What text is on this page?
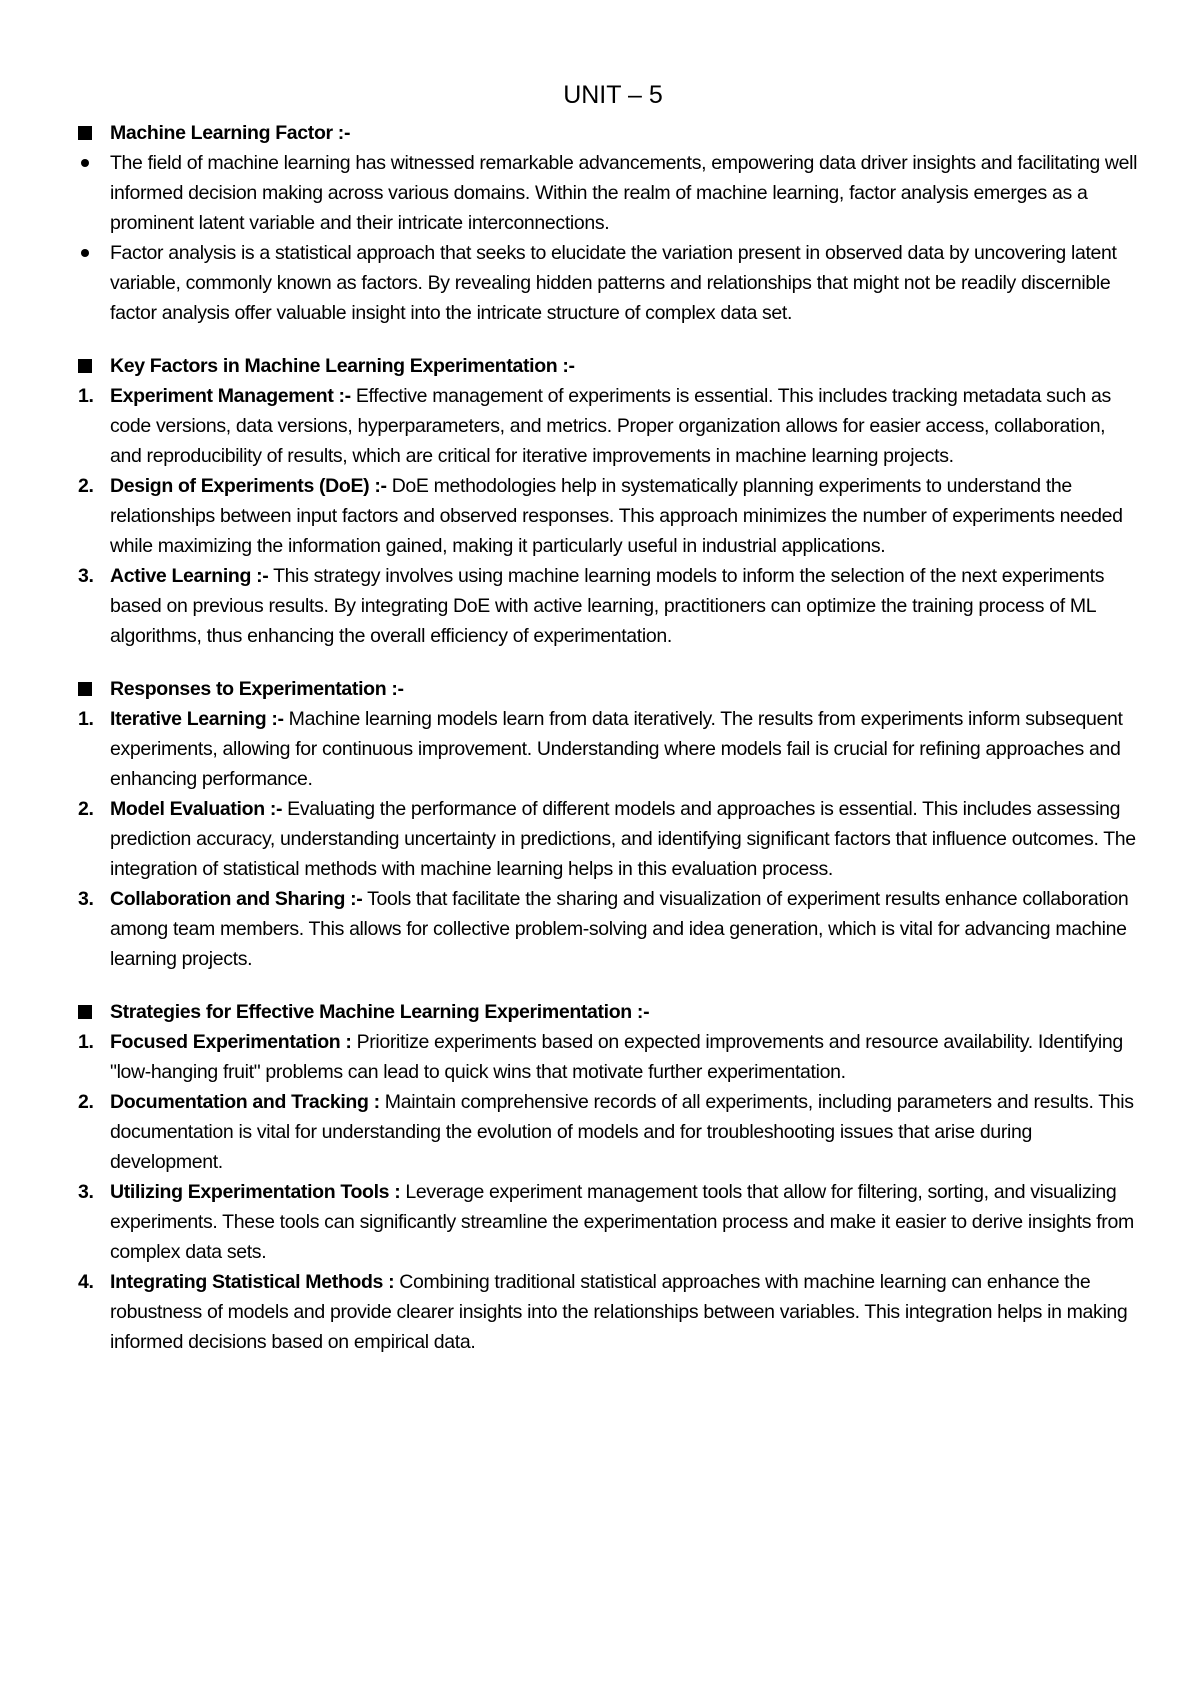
UNIT – 5
Machine Learning Factor :-
The field of machine learning has witnessed remarkable advancements, empowering data driver insights and facilitating well informed decision making across various domains. Within the realm of machine learning, factor analysis emerges as a prominent latent variable and their intricate interconnections.
Factor analysis is a statistical approach that seeks to elucidate the variation present in observed data by uncovering latent variable, commonly known as factors. By revealing hidden patterns and relationships that might not be readily discernible factor analysis offer valuable insight into the intricate structure of complex data set.
Key Factors in Machine Learning Experimentation :-
1. Experiment Management :- Effective management of experiments is essential. This includes tracking metadata such as code versions, data versions, hyperparameters, and metrics. Proper organization allows for easier access, collaboration, and reproducibility of results, which are critical for iterative improvements in machine learning projects.
2. Design of Experiments (DoE) :- DoE methodologies help in systematically planning experiments to understand the relationships between input factors and observed responses. This approach minimizes the number of experiments needed while maximizing the information gained, making it particularly useful in industrial applications.
3. Active Learning :- This strategy involves using machine learning models to inform the selection of the next experiments based on previous results. By integrating DoE with active learning, practitioners can optimize the training process of ML algorithms, thus enhancing the overall efficiency of experimentation.
Responses to Experimentation :-
1. Iterative Learning :- Machine learning models learn from data iteratively. The results from experiments inform subsequent experiments, allowing for continuous improvement. Understanding where models fail is crucial for refining approaches and enhancing performance.
2. Model Evaluation :- Evaluating the performance of different models and approaches is essential. This includes assessing prediction accuracy, understanding uncertainty in predictions, and identifying significant factors that influence outcomes. The integration of statistical methods with machine learning helps in this evaluation process.
3. Collaboration and Sharing :- Tools that facilitate the sharing and visualization of experiment results enhance collaboration among team members. This allows for collective problem-solving and idea generation, which is vital for advancing machine learning projects.
Strategies for Effective Machine Learning Experimentation :-
1. Focused Experimentation : Prioritize experiments based on expected improvements and resource availability. Identifying "low-hanging fruit" problems can lead to quick wins that motivate further experimentation.
2. Documentation and Tracking : Maintain comprehensive records of all experiments, including parameters and results. This documentation is vital for understanding the evolution of models and for troubleshooting issues that arise during development.
3. Utilizing Experimentation Tools : Leverage experiment management tools that allow for filtering, sorting, and visualizing experiments. These tools can significantly streamline the experimentation process and make it easier to derive insights from complex data sets.
4. Integrating Statistical Methods : Combining traditional statistical approaches with machine learning can enhance the robustness of models and provide clearer insights into the relationships between variables. This integration helps in making informed decisions based on empirical data.
